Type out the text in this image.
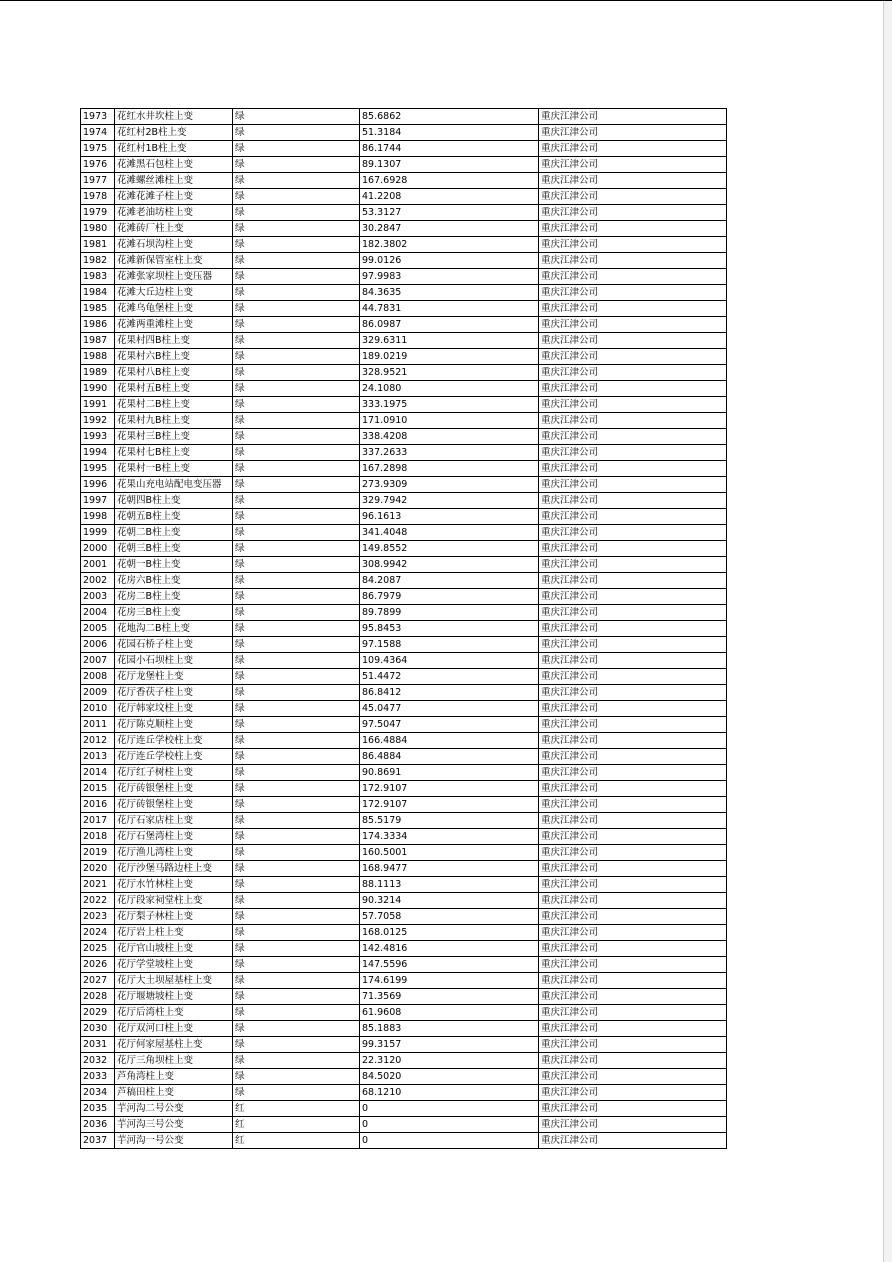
1973	花红水井坎柱上变	绿	85.6862	重庆江津公司
1974	花红村2B柱上变	绿	51.3184	重庆江津公司
1975	花红村1B柱上变	绿	86.1744	重庆江津公司
1976	花滩黑石包柱上变	绿	89.1307	重庆江津公司
1977	花滩螺丝滩柱上变	绿	167.6928	重庆江津公司
1978	花滩花滩子柱上变	绿	41.2208	重庆江津公司
1979	花滩老油坊柱上变	绿	53.3127	重庆江津公司
1980	花滩砖厂柱上变	绿	30.2847	重庆江津公司
1981	花滩石坝沟柱上变	绿	182.3802	重庆江津公司
1982	花滩新保管室柱上变	绿	99.0126	重庆江津公司
1983	花滩张家坝柱上变压器	绿	97.9983	重庆江津公司
1984	花滩大丘边柱上变	绿	84.3635	重庆江津公司
1985	花滩乌龟堡柱上变	绿	44.7831	重庆江津公司
1986	花滩两重滩柱上变	绿	86.0987	重庆江津公司
1987	花果村四B柱上变	绿	329.6311	重庆江津公司
1988	花果村六B柱上变	绿	189.0219	重庆江津公司
1989	花果村八B柱上变	绿	328.9521	重庆江津公司
1990	花果村五B柱上变	绿	24.1080	重庆江津公司
1991	花果村二B柱上变	绿	333.1975	重庆江津公司
1992	花果村九B柱上变	绿	171.0910	重庆江津公司
1993	花果村三B柱上变	绿	338.4208	重庆江津公司
1994	花果村七B柱上变	绿	337.2633	重庆江津公司
1995	花果村一B柱上变	绿	167.2898	重庆江津公司
1996	花果山充电站配电变压器	绿	273.9309	重庆江津公司
1997	花朝四B柱上变	绿	329.7942	重庆江津公司
1998	花朝五B柱上变	绿	96.1613	重庆江津公司
1999	花朝二B柱上变	绿	341.4048	重庆江津公司
2000	花朝三B柱上变	绿	149.8552	重庆江津公司
2001	花朝一B柱上变	绿	308.9942	重庆江津公司
2002	花房六B柱上变	绿	84.2087	重庆江津公司
2003	花房二B柱上变	绿	86.7979	重庆江津公司
2004	花房三B柱上变	绿	89.7899	重庆江津公司
2005	花地沟二B柱上变	绿	95.8453	重庆江津公司
2006	花园石桥子柱上变	绿	97.1588	重庆江津公司
2007	花园小石坝柱上变	绿	109.4364	重庆江津公司
2008	花厅龙堡柱上变	绿	51.4472	重庆江津公司
2009	花厅香茯子柱上变	绿	86.8412	重庆江津公司
2010	花厅韩家坟柱上变	绿	45.0477	重庆江津公司
2011	花厅陈克顺柱上变	绿	97.5047	重庆江津公司
2012	花厅连丘学校柱上变	绿	166.4884	重庆江津公司
2013	花厅连丘学校柱上变	绿	86.4884	重庆江津公司
2014	花厅红子树柱上变	绿	90.8691	重庆江津公司
2015	花厅砖银堡柱上变	绿	172.9107	重庆江津公司
2016	花厅砖银堡柱上变	绿	172.9107	重庆江津公司
2017	花厅石家店柱上变	绿	85.5179	重庆江津公司
2018	花厅石堡湾柱上变	绿	174.3334	重庆江津公司
2019	花厅渔儿湾柱上变	绿	160.5001	重庆江津公司
2020	花厅沙堡马路边柱上变	绿	168.9477	重庆江津公司
2021	花厅水竹林柱上变	绿	88.1113	重庆江津公司
2022	花厅段家祠堂柱上变	绿	90.3214	重庆江津公司
2023	花厅梨子林柱上变	绿	57.7058	重庆江津公司
2024	花厅岩上柱上变	绿	168.0125	重庆江津公司
2025	花厅官山坡柱上变	绿	142.4816	重庆江津公司
2026	花厅学堂坡柱上变	绿	147.5596	重庆江津公司
2027	花厅大土坝屋基柱上变	绿	174.6199	重庆江津公司
2028	花厅堰塘坡柱上变	绿	71.3569	重庆江津公司
2029	花厅后湾柱上变	绿	61.9608	重庆江津公司
2030	花厅双河口柱上变	绿	85.1883	重庆江津公司
2031	花厅何家屋基柱上变	绿	99.3157	重庆江津公司
2032	花厅三角坝柱上变	绿	22.3120	重庆江津公司
2033	芦角湾柱上变	绿	84.5020	重庆江津公司
2034	芦稿田柱上变	绿	68.1210	重庆江津公司
2035	芋河沟二号公变	红	0	重庆江津公司
2036	芋河沟三号公变	红	0	重庆江津公司
2037	芋河沟一号公变	红	0	重庆江津公司
